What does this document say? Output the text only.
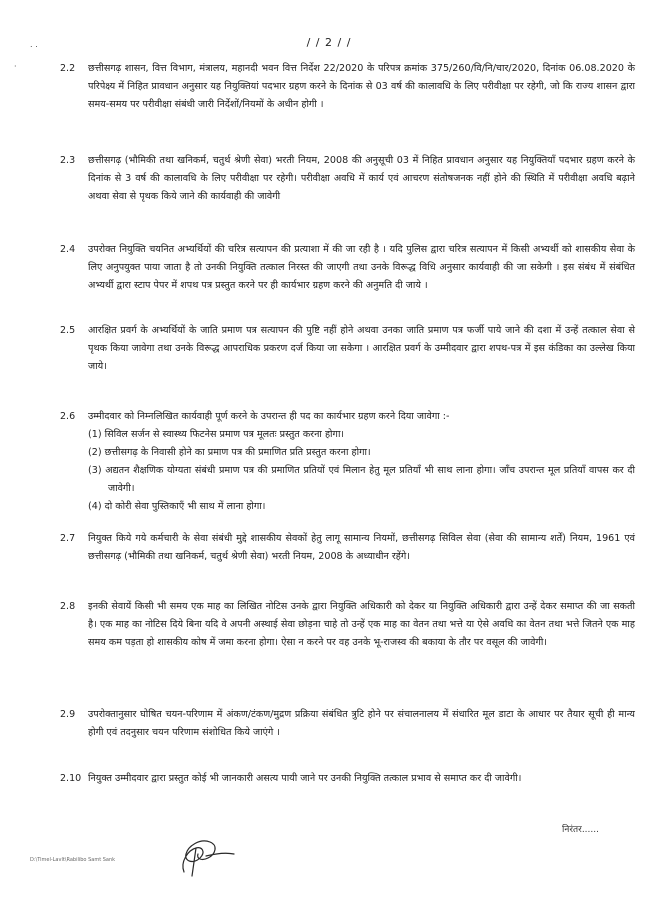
. .
·
/ / 2 / /
2.2	छत्तीसगढ़ शासन, वित्त विभाग, मंत्रालय, महानदी भवन वित्त निर्देश 22/2020 के परिपत्र क्रमांक 375/260/वि/नि/चार/2020, दिनांक 06.08.2020 के परिपेक्ष्य में निहित प्रावधान अनुसार यह नियुक्तियां पदभार ग्रहण करने के दिनांक से 03 वर्ष की कालावधि के लिए परीवीक्षा पर रहेगी, जो कि राज्य शासन द्वारा समय-समय पर परीवीक्षा संबंधी जारी निर्देशों/नियमों के अधीन होगी ।
2.3	छत्तीसगढ़ (भौमिकी तथा खनिकर्म, चतुर्थ श्रेणी सेवा) भरती नियम, 2008 की अनुसूची 03 में निहित प्रावधान अनुसार यह नियुक्तियाँ पदभार ग्रहण करने के दिनांक से 3 वर्ष की कालावधि के लिए परीवीक्षा पर रहेगी। परीवीक्षा अवधि में कार्य एवं आचरण संतोषजनक नहीं होने की स्थिति में परीवीक्षा अवधि बढ़ाने अथवा सेवा से पृथक किये जाने की कार्यवाही की जावेगी
2.4	उपरोक्त नियुक्ति चयनित अभ्यर्थियों की चरित्र सत्यापन की प्रत्याशा में की जा रही है । यदि पुलिस द्वारा चरित्र सत्यापन में किसी अभ्यर्थी को शासकीय सेवा के लिए अनुपयुक्त पाया जाता है तो उनकी नियुक्ति तत्काल निरस्त की जाएगी तथा उनके विरूद्ध विधि अनुसार कार्यवाही की जा सकेगी । इस संबंध में संबंधित अभ्यर्थी द्वारा स्टाप पेपर में शपथ पत्र प्रस्तुत करने पर ही कार्यभार ग्रहण करने की अनुमति दी जाये ।
2.5	आरक्षित प्रवर्ग के अभ्यर्थियों के जाति प्रमाण पत्र सत्यापन की पुष्टि नहीं होने अथवा उनका जाति प्रमाण पत्र फर्जी पाये जाने की दशा में उन्हें तत्काल सेवा से पृथक किया जावेगा तथा उनके विरूद्ध आपराधिक प्रकरण दर्ज किया जा सकेगा । आरक्षित प्रवर्ग के उम्मीदवार द्वारा शपथ-पत्र में इस कंडिका का उल्लेख किया जाये।
2.6	उम्मीदवार को निम्नलिखित कार्यवाही पूर्ण करने के उपरान्त ही पद का कार्यभार ग्रहण करने दिया जावेगा :-
(1) सिविल सर्जन से स्वास्थ्य फिटनेस प्रमाण पत्र मूलतः प्रस्तुत करना होगा।
(2) छत्तीसगढ़ के निवासी होने का प्रमाण पत्र की प्रमाणित प्रति प्रस्तुत करना होगा।
(3) अद्यतन शैक्षणिक योग्यता संबंधी प्रमाण पत्र की प्रमाणित प्रतियों एवं मिलान हेतु मूल प्रतियाँ भी साथ लाना होगा। जाँच उपरान्त मूल प्रतियाँ वापस कर दी जावेगी।
(4) दो कोरी सेवा पुस्तिकाएँ भी साथ में लाना होगा।
2.7	नियुक्त किये गये कर्मचारी के सेवा संबंधी मुद्दे शासकीय सेवकों हेतु लागू सामान्य नियमों, छत्तीसगढ़ सिविल सेवा (सेवा की सामान्य शर्तें) नियम, 1961 एवं छत्तीसगढ़ (भौमिकी तथा खनिकर्म, चतुर्थ श्रेणी सेवा) भरती नियम, 2008 के अध्याधीन रहेंगे।
2.8	इनकी सेवायें किसी भी समय एक माह का लिखित नोटिस उनके द्वारा नियुक्ति अधिकारी को देकर या नियुक्ति अधिकारी द्वारा उन्हें देकर समाप्त की जा सकती है। एक माह का नोटिस दिये बिना यदि वे अपनी अस्थाई सेवा छोड़ना चाहे तो उन्हें एक माह का वेतन तथा भत्ते या ऐसे अवधि का वेतन तथा भत्ते जितने एक माह समय कम पड़ता हो शासकीय कोष में जमा करना होगा। ऐसा न करने पर वह उनके भू-राजस्व की बकाया के तौर पर वसूल की जावेगी।
2.9	उपरोक्तानुसार घोषित चयन-परिणाम में अंकण/टंकण/मुद्रण प्रक्रिया संबंधित त्रुटि होने पर संचालनालय में संधारित मूल डाटा के आधार पर तैयार सूची ही मान्य होगी एवं तदनुसार चयन परिणाम संशोधित किये जाएंगे ।
2.10 नियुक्त उम्मीदवार द्वारा प्रस्तुत कोई भी जानकारी असत्य पायी जाने पर उनकी नियुक्ति तत्काल प्रभाव से समाप्त कर दी जावेगी।
निरंतर......
D:\Timel-Lavlt\Rabilibo Samt Sank
